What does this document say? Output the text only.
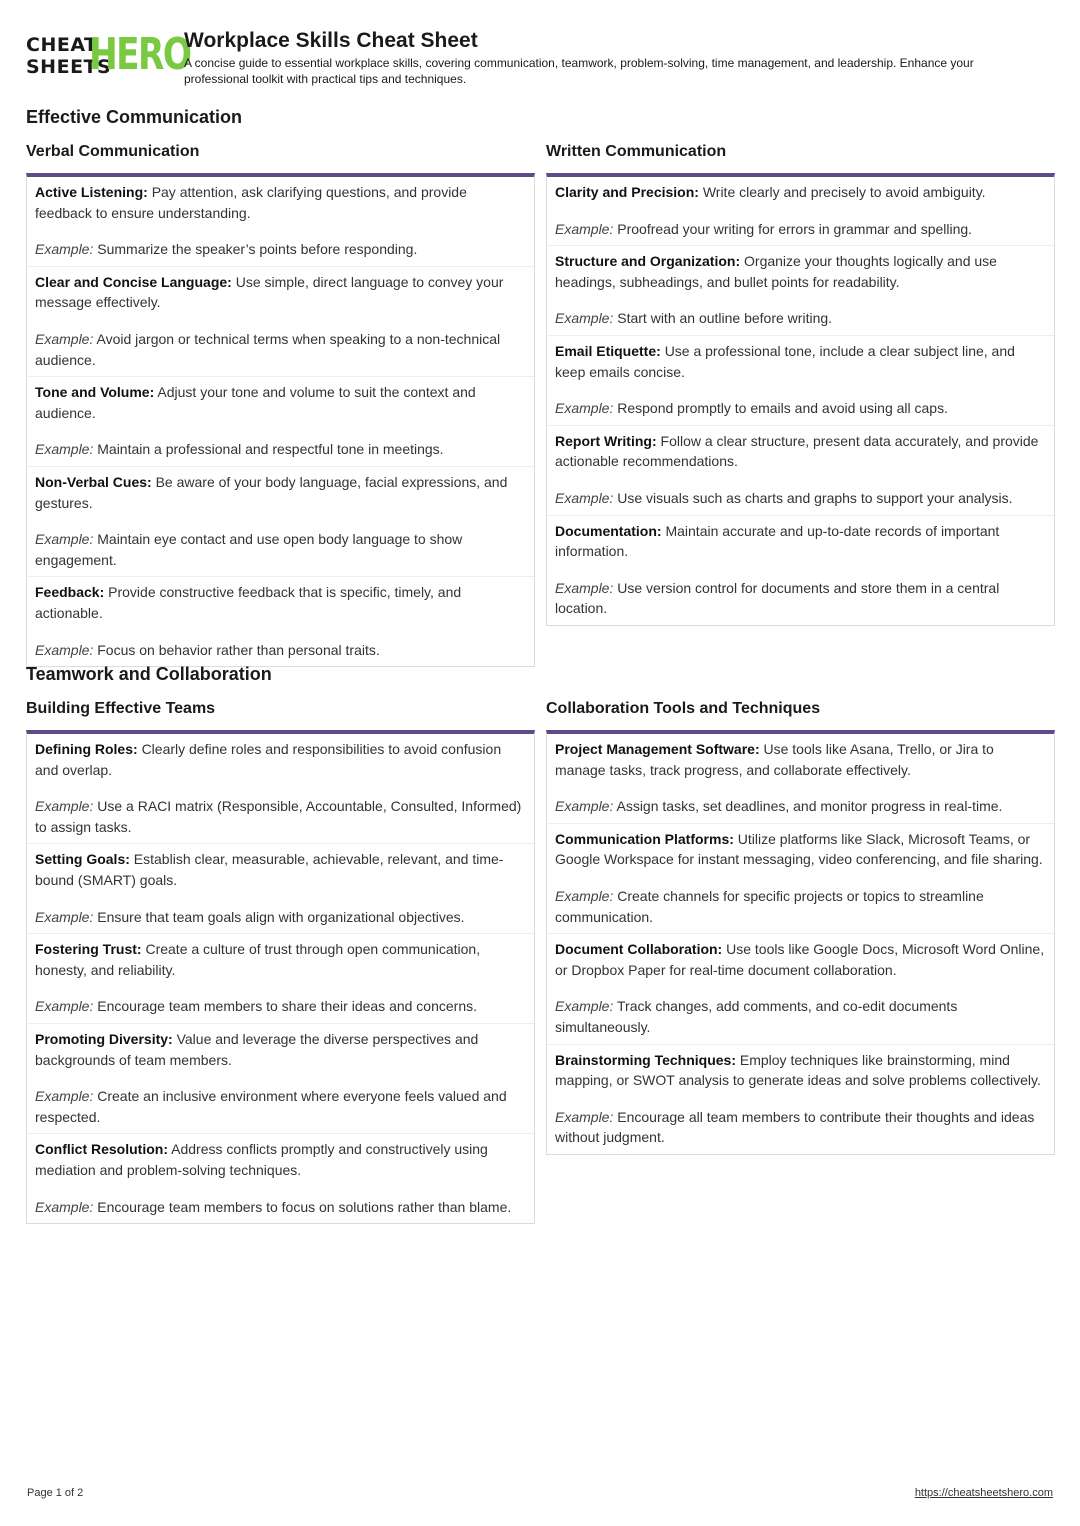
CHEAT
SHEETS
HERO
Workplace Skills Cheat Sheet

A concise guide to essential workplace skills, covering communication, teamwork, problem-solving, time management, and leadership. Enhance your professional toolkit with practical tips and techniques.

Effective Communication
Verbal Communication

Active Listening: Pay attention, ask clarifying questions, and provide feedback to ensure understanding.

Example: Summarize the speaker’s points before responding.

Clear and Concise Language: Use simple, direct language to convey your message effectively.

Example: Avoid jargon or technical terms when speaking to a non-technical audience.

Tone and Volume: Adjust your tone and volume to suit the context and audience.

Example: Maintain a professional and respectful tone in meetings.

Non-Verbal Cues: Be aware of your body language, facial expressions, and gestures.

Example: Maintain eye contact and use open body language to show engagement.

Feedback: Provide constructive feedback that is specific, timely, and actionable.

Example: Focus on behavior rather than personal traits.

Written Communication

Clarity and Precision: Write clearly and precisely to avoid ambiguity.

Example: Proofread your writing for errors in grammar and spelling.

Structure and Organization: Organize your thoughts logically and use headings, subheadings, and bullet points for readability.

Example: Start with an outline before writing.

Email Etiquette: Use a professional tone, include a clear subject line, and keep emails concise.

Example: Respond promptly to emails and avoid using all caps.

Report Writing: Follow a clear structure, present data accurately, and provide actionable recommendations.

Example: Use visuals such as charts and graphs to support your analysis.

Documentation: Maintain accurate and up-to-date records of important information.

Example: Use version control for documents and store them in a central location.

Teamwork and Collaboration
Building Effective Teams

Defining Roles: Clearly define roles and responsibilities to avoid confusion and overlap.

Example: Use a RACI matrix (Responsible, Accountable, Consulted, Informed) to assign tasks.

Setting Goals: Establish clear, measurable, achievable, relevant, and time-bound (SMART) goals.

Example: Ensure that team goals align with organizational objectives.

Fostering Trust: Create a culture of trust through open communication, honesty, and reliability.

Example: Encourage team members to share their ideas and concerns.

Promoting Diversity: Value and leverage the diverse perspectives and backgrounds of team members.

Example: Create an inclusive environment where everyone feels valued and respected.

Conflict Resolution: Address conflicts promptly and constructively using mediation and problem-solving techniques.

Example: Encourage team members to focus on solutions rather than blame.

Collaboration Tools and Techniques

Project Management Software: Use tools like Asana, Trello, or Jira to manage tasks, track progress, and collaborate effectively.

Example: Assign tasks, set deadlines, and monitor progress in real-time.

Communication Platforms: Utilize platforms like Slack, Microsoft Teams, or Google Workspace for instant messaging, video conferencing, and file sharing.

Example: Create channels for specific projects or topics to streamline communication.

Document Collaboration: Use tools like Google Docs, Microsoft Word Online, or Dropbox Paper for real-time document collaboration.

Example: Track changes, add comments, and co-edit documents simultaneously.

Brainstorming Techniques: Employ techniques like brainstorming, mind mapping, or SWOT analysis to generate ideas and solve problems collectively.

Example: Encourage all team members to contribute their thoughts and ideas without judgment.

Page 1 of 2	https://cheatsheetshero.com
